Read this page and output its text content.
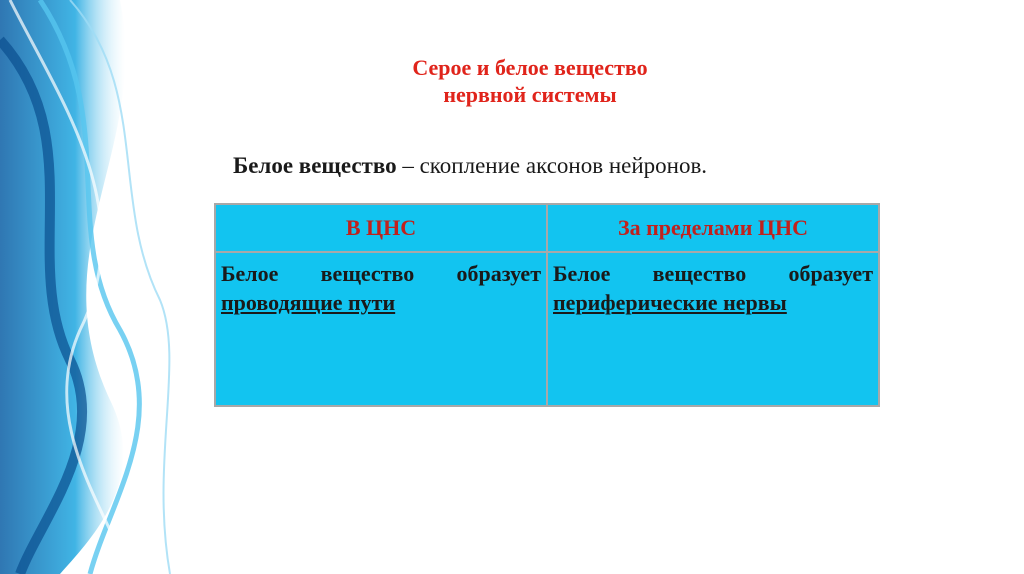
Серое и белое вещество
нервной системы
Белое вещество – скопление аксонов нейронов.
В ЦНС	За пределами ЦНС
Белое вещество образует проводящие пути	Белое вещество образует периферические нервы
